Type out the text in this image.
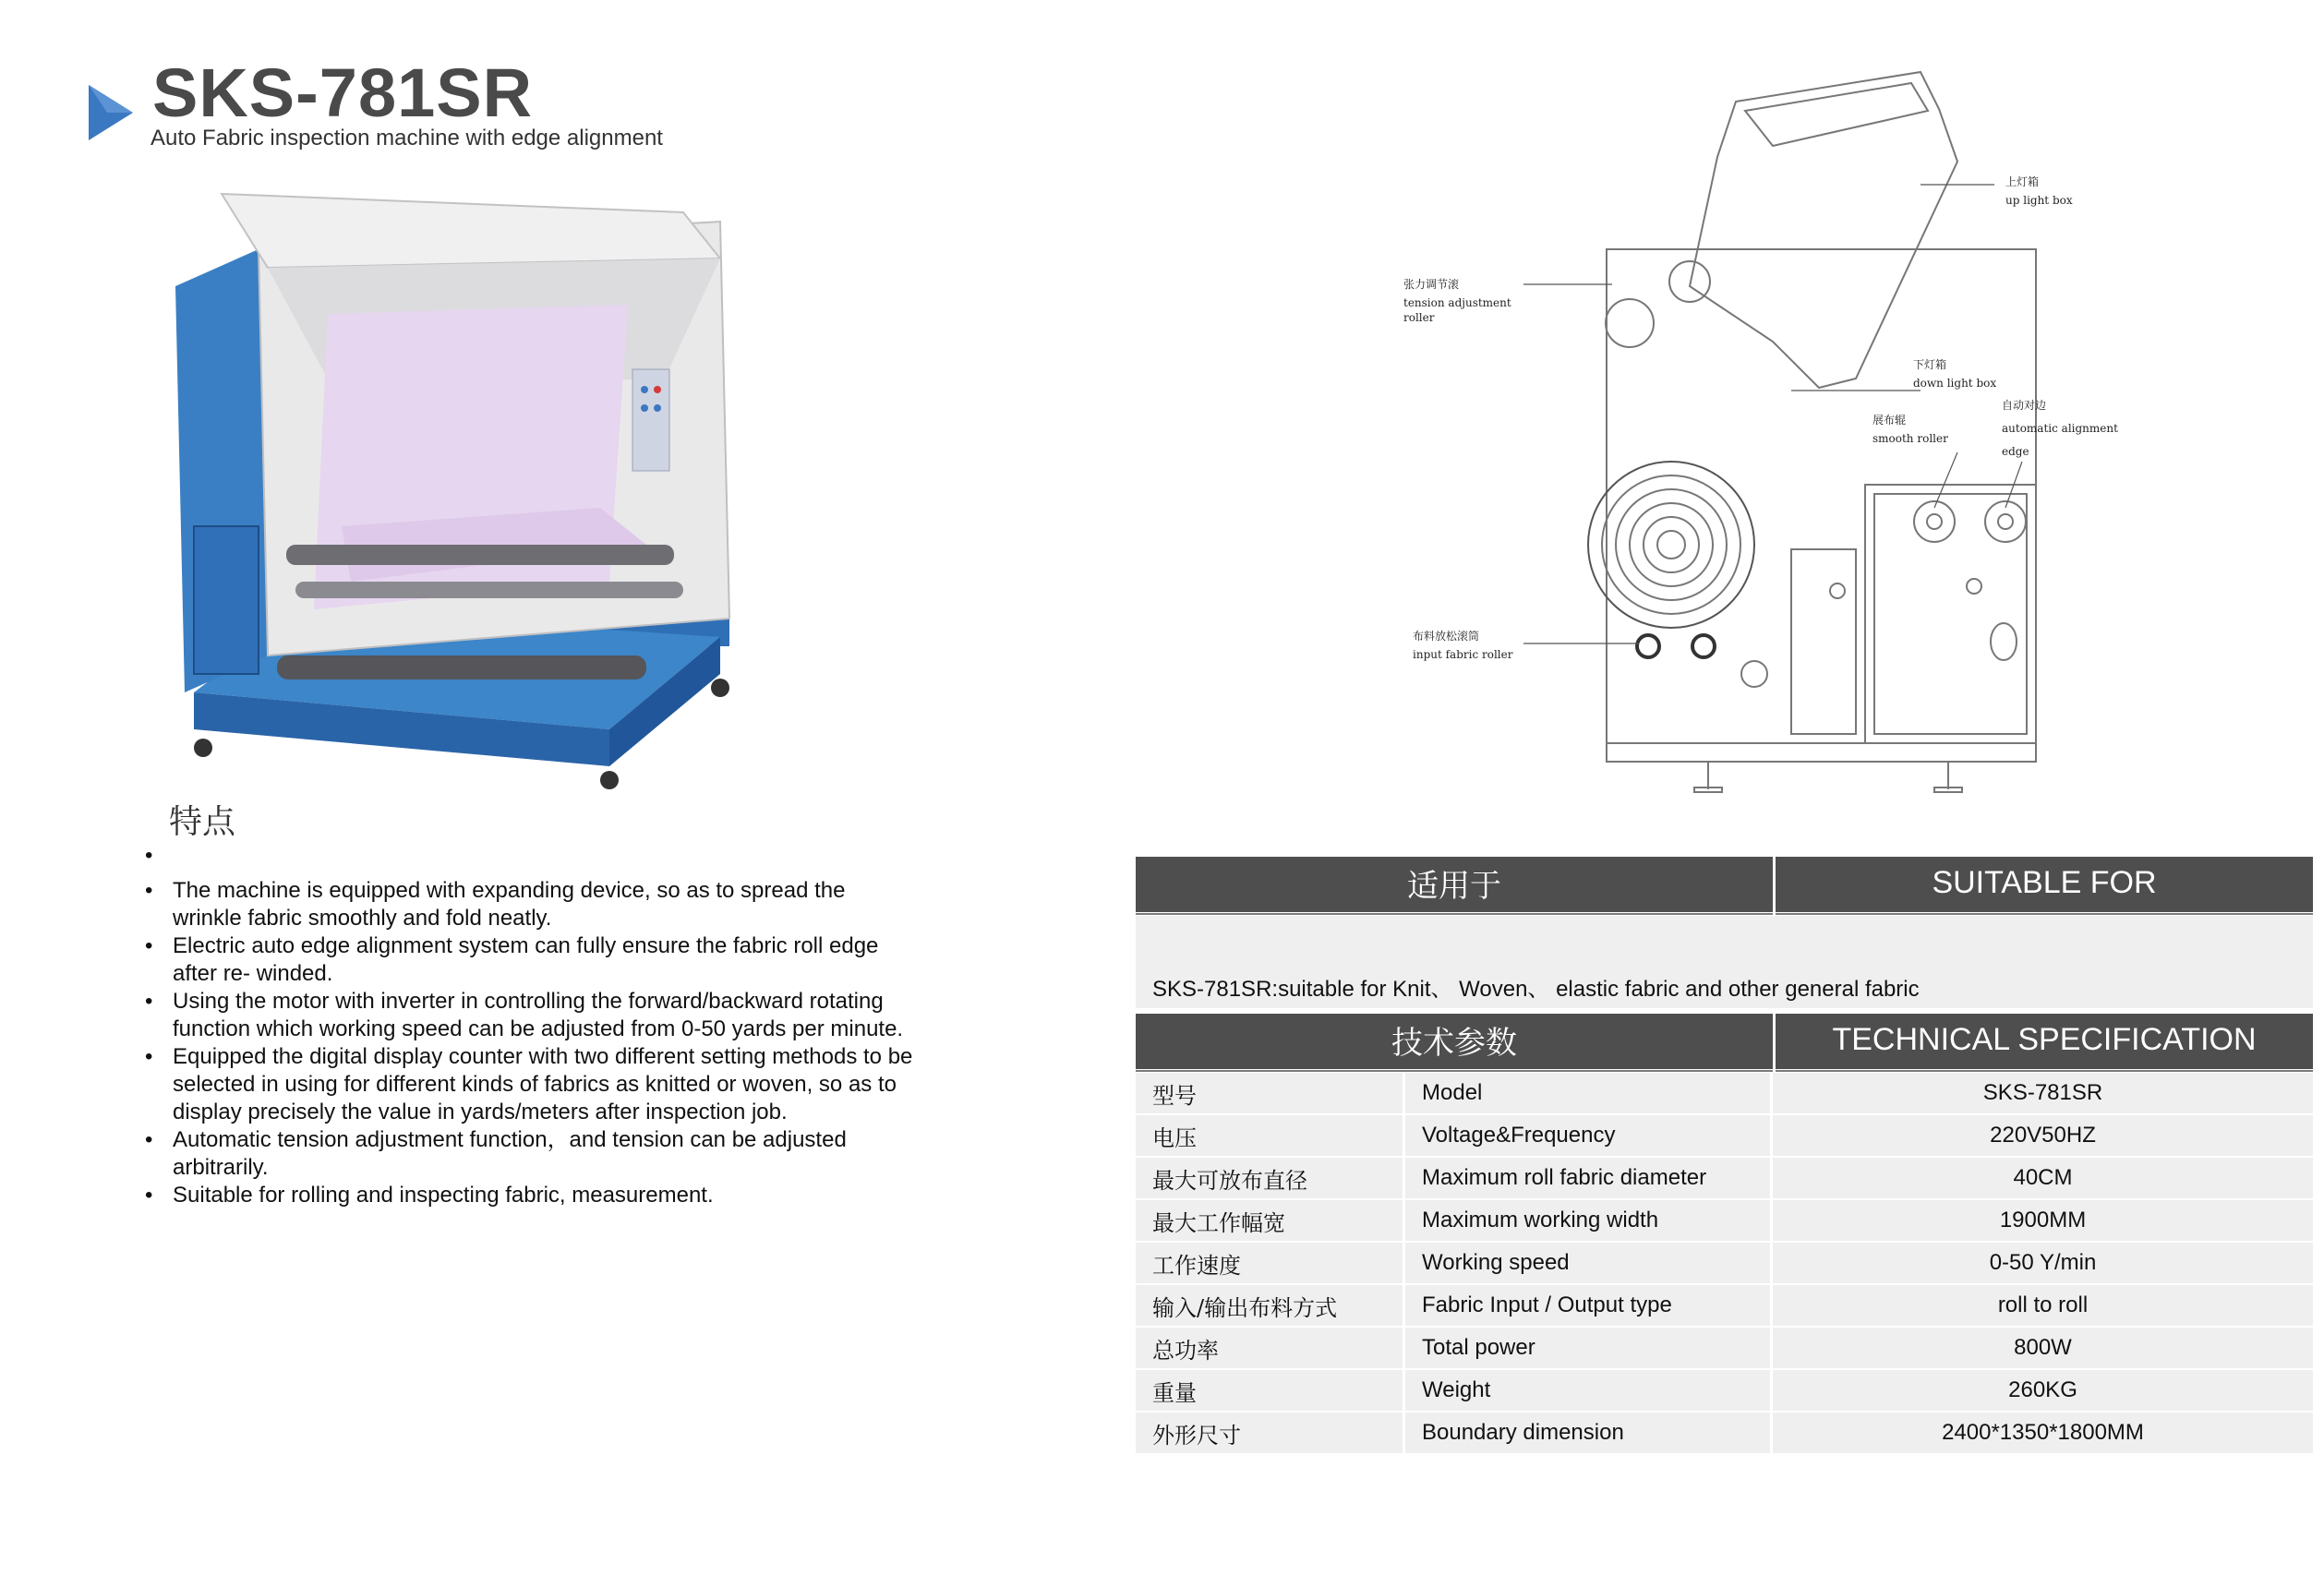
SKS-781SR
Auto Fabric inspection machine with edge alignment
特点
•
• The machine is equipped with expanding device, so as to spread the wrinkle fabric smoothly and fold neatly.
• Electric auto edge alignment system can fully ensure the fabric roll edge after re- winded.
• Using the motor with inverter in controlling the forward/backward rotating function which working speed can be adjusted from 0-50 yards per minute.
• Equipped the digital display counter with two different setting methods to be selected in using for different kinds of fabrics as knitted or woven, so as to display precisely the value in yards/meters after inspection job.
• Automatic tension adjustment function，and tension can be adjusted arbitrarily.
• Suitable for rolling and inspecting fabric, measurement.
上灯箱
up light box
张力调节滚
tension adjustment
roller
下灯箱
down light box
自动对边
automatic alignment
edge
展布辊
smooth roller
布料放松滚筒
input fabric roller
适用于	SUITABLE FOR
SKS-781SR:suitable for Knit、 Woven、 elastic fabric and other general fabric
技术参数	TECHNICAL SPECIFICATION
型号	Model	SKS-781SR
电压	Voltage&Frequency	220V50HZ
最大可放布直径	Maximum roll fabric diameter	40CM
最大工作幅宽	Maximum working width	1900MM
工作速度	Working speed	0-50 Y/min
输入/输出布料方式	Fabric Input / Output type	roll to roll
总功率	Total power	800W
重量	Weight	260KG
外形尺寸	Boundary dimension	2400*1350*1800MM
